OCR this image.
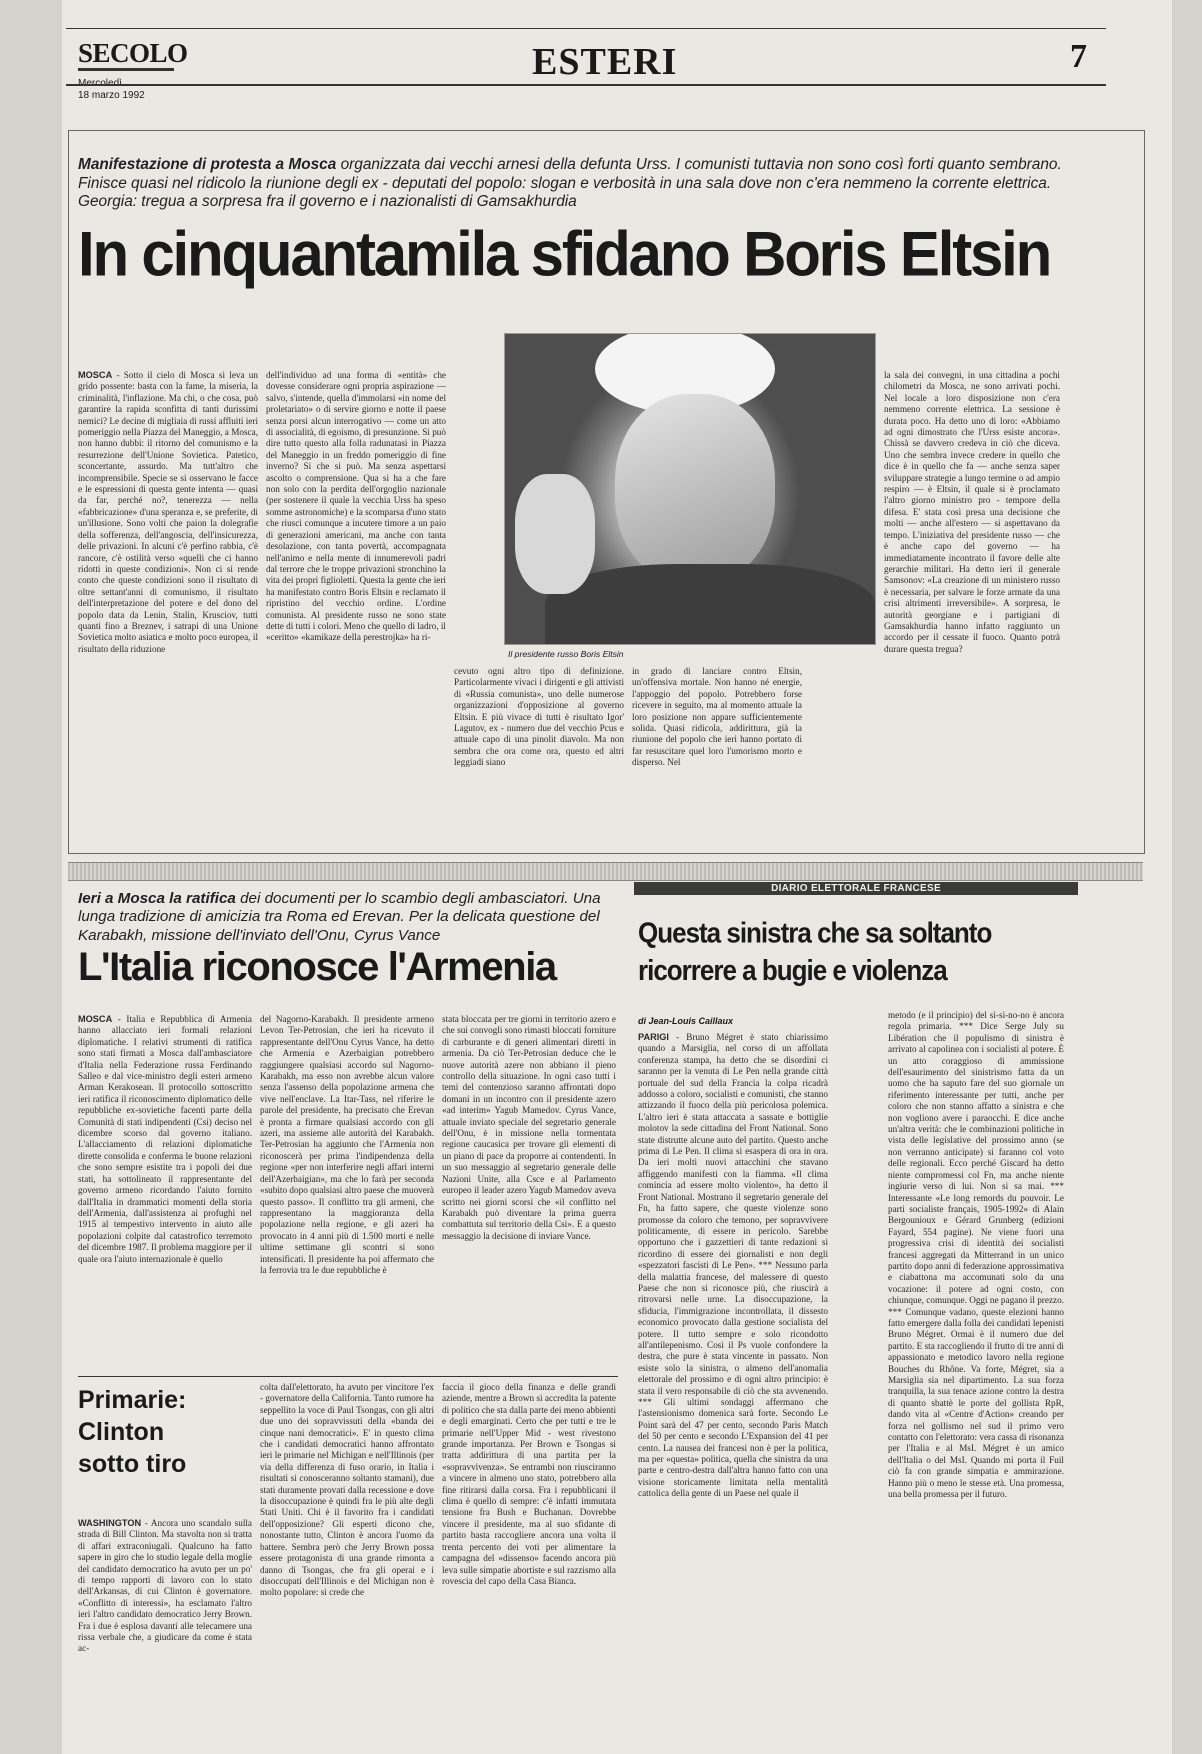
SECOLO
18 marzo 1992
ESTERI	7
Manifestazione di protesta a Mosca organizzata dai vecchi arnesi della defunta Urss. I comunisti tuttavia non sono così forti quanto sembrano. Finisce quasi nel ridicolo la riunione degli ex - deputati del popolo: slogan e verbosità in una sala dove non c'era nemmeno la corrente elettrica. Georgia: tregua a sorpresa fra il governo e i nazionalisti di Gamsakhurdia
In cinquantamila sfidano Boris Eltsin
Il presidente russo Boris Eltsin

MOSCA - Sotto il cielo di Mosca si leva un grido possente: basta con la fame, la miseria, la criminalità, l'inflazione. Ma chi, o che cosa, può garantire la rapida sconfitta di tanti durissimi nemici? Le decine di migliaia di russi affluiti ieri pomeriggio nella Piazza del Maneggio, a Mosca, non hanno dubbi: il ritorno del comunismo e la resurrezione dell'Unione Sovietica. Patetico, sconcertante, assurdo. Ma tutt'altro che incomprensibile. Specie se si osservano le facce e le espressioni di questa gente intenta — quasi da far, perché no?, tenerezza — nella «fabbricazione» d'una speranza e, se preferite, di un'illusione. Sono volti che paion la dolegrafie della sofferenza, dell'angoscia, dell'insicurezza, delle privazioni. In alcuni c'è perfino rabbia, c'è rancore, c'è ostilità verso «quelli che ci hanno ridotti in queste condizioni». Non ci si rende conto che queste condizioni sono il risultato di oltre settant'anni di comunismo, il risultato dell'interpretazione del potere e del dono del popolo data da Lenin, Stalin, Krusciov, tutti quanti fino a Breznev, i satrapi di una Unione Sovietica molto asiatica e molto poco europea, il risultato della riduzione

dell'individuo ad una forma di «entità» che dovesse considerare ogni propria aspirazione — salvo, s'intende, quella d'immolarsi «in nome del proletariato» o di servire giorno e notte il paese senza porsi alcun interrogativo — come un atto di associalità, di egoismo, di presunzione. Si può dire tutto questo alla folla radunatasi in Piazza del Maneggio in un freddo pomeriggio di fine inverno? Si che si può. Ma senza aspettarsi ascolto o comprensione. Qua si ha a che fare non solo con la perdita dell'orgoglio nazionale (per sostenere il quale la vecchia Urss ha speso somme astronomiche) e la scomparsa d'uno stato che riuscì comunque a incutere timore a un paio di generazioni americani, ma anche con tanta desolazione, con tanta povertà, accompagnata nell'animo e nella mente di innumerevoli padri dal terrore che le troppe privazioni stronchino la vita dei propri figlioletti. Questa la gente che ieri ha manifestato contro Boris Eltsin e reclamato il ripristino del vecchio ordine. L'ordine comunista. Al presidente russo ne sono state dette di tutti i colori. Meno che quello di ladro, il «ceritto» «kamikaze della perestrojka» ha ri-

cevuto ogni altro tipo di definizione. Particolarmente vivaci i dirigenti e gli attivisti di «Russia comunista», uno delle numerose organizzazioni d'opposizione al governo Eltsin. E più vivace di tutti è risultato Igor' Lagutov, ex - numero due del vecchio Pcus e attuale capo di una pinolit diavolo. Ma non sembra che ora come ora, questo ed altri leggiadi siano

in grado di lanciare contro Eltsin, un'offensiva mortale. Non hanno né energie, l'appoggio del popolo. Potrebbero forse ricevere in seguito, ma al momento attuale la loro posizione non appare sufficientemente solida. Quasi ridicola, addirittura, già la riunione del popolo che ieri hanno portato di far resuscitare quel loro l'umorismo morto e disperso. Nel

la sala dei convegni, in una cittadina a pochi chilometri da Mosca, ne sono arrivati pochi. Nel locale a loro disposizione non c'era nemmeno corrente elettrica. La sessione è durata poco. Ha detto uno di loro: «Abbiamo ad ogni dimostrato che l'Urss esiste ancora». Chissà se davvero credeva in ciò che diceva. Uno che sembra invece credere in quello che dice è in quello che fa — anche senza saper sviluppare strategie a lungo termine o ad ampio respiro — è Eltsin, il quale si è proclamato l'altro giorno ministro pro - tempore della difesa. E' stata così presa una decisione che molti — anche all'estero — si aspettavano da tempo. L'iniziativa del presidente russo — che è anche capo del governo — ha immediatamente incontrato il favore delle alte gerarchie militari. Ha detto ieri il generale Samsonov: «La creazione di un ministero russo è necessaria, per salvare le forze armate da una crisi altrimenti irreversibile». A sorpresa, le autorità georgiane e i partigiani di Gamsakhurdia hanno infatto raggiunto un accordo per il cessate il fuoco. Quanto potrà durare questa tregua?

Ieri a Mosca la ratifica dei documenti per lo scambio degli ambasciatori. Una lunga tradizione di amicizia tra Roma ed Erevan. Per la delicata questione del Karabakh, missione dell'inviato dell'Onu, Cyrus Vance
L'Italia riconosce l'Armenia

MOSCA - Italia e Repubblica di Armenia hanno allacciato ieri formali relazioni diplomatiche. I relativi strumenti di ratifica sono stati firmati a Mosca dall'ambasciatore d'Italia nella Federazione russa Ferdinando Salleo e dal vice-ministro degli esteri armeno Arman Kerakosean. Il protocollo sottoscritto ieri ratifica il riconoscimento diplomatico delle repubbliche ex-sovietiche facenti parte della Comunità di stati indipendenti (Csi) deciso nel dicembre scorso dal governo italiano. L'allacciamento di relazioni diplomatiche dirette consolida e conferma le buone relazioni che sono sempre esistite tra i popoli dei due stati, ha sottolineato il rappresentante del governo armeno ricordando l'aiuto fornito dall'Italia in drammatici momenti della storia dell'Armenia, dall'assistenza ai profughi nel 1915 al tempestivo intervento in aiuto alle popolazioni colpite dal catastrofico terremoto del dicembre 1987. Il problema maggiore per il quale ora l'aiuto internazionale è quello

del Nagorno-Karabakh. Il presidente armeno Levon Ter-Petrosian, che ieri ha ricevuto il rappresentante dell'Onu Cyrus Vance, ha detto che Armenia e Azerbaigian potrebbero raggiungere qualsiasi accordo sul Nagorno-Karabakh, ma esso non avrebbe alcun valore senza l'assenso della popolazione armena che vive nell'enclave. La Itar-Tass, nel riferire le parole del presidente, ha precisato che Erevan è pronta a firmare qualsiasi accordo con gli azeri, ma assieme alle autorità del Karabakh. Ter-Petrosian ha aggiunto che l'Armenia non riconoscerà per prima l'indipendenza della regione «per non interferire negli affari interni dell'Azerbaigian», ma che lo farà per seconda «subito dopo qualsiasi altro paese che muoverà questo passo». Il conflitto tra gli armeni, che rappresentano la maggioranza della popolazione nella regione, e gli azeri ha provocato in 4 anni più di 1.500 morti e nelle ultime settimane gli scontri si sono intensificati. Il presidente ha poi affermato che la ferrovia tra le due repubbliche è

stata bloccata per tre giorni in territorio azero e che sui convogli sono rimasti bloccati forniture di carburante e di generi alimentari diretti in armenia. Da ciò Ter-Petrosian deduce che le nuove autorità azere non abbiano il pieno controllo della situazione. In ogni caso tutti i temi del contenzioso saranno affrontati dopo domani in un incontro con il presidente azero «ad interim» Yagub Mamedov. Cyrus Vance, attuale inviato speciale del segretario generale dell'Onu, è in missione nella tormentata regione caucasica per trovare gli elementi di un piano di pace da proporre ai contendenti. In un suo messaggio al segretario generale delle Nazioni Unite, alla Csce e al Parlamento europeo il leader azero Yagub Mamedov aveva scritto nei giorni scorsi che «il conflitto nel Karabakh può diventare la prima guerra combattuta sul territorio della Csi». E a questo messaggio la decisione di inviare Vance.

Primarie:
Clinton
sotto tiro

WASHINGTON - Ancora uno scandalo sulla strada di Bill Clinton. Ma stavolta non si tratta di affari extraconiugali. Qualcuno ha fatto sapere in giro che lo studio legale della moglie del candidato democratico ha avuto per un po' di tempo rapporti di lavoro con lo stato dell'Arkansas, di cui Clinton è governatore. «Conflitto di interessi», ha esclamato l'altro ieri l'altro candidato democratico Jerry Brown. Fra i due è esplosa davanti alle telecamere una rissa verbale che, a giudicare da come è stata ac-

colta dall'elettorato, ha avuto per vincitore l'ex - governatore della California. Tanto rumore ha seppellito la voce di Paul Tsongas, con gli altri due uno dei sopravvissuti della «banda dei cinque nani democratici». E' in questo clima che i candidati democratici hanno affrontato ieri le primarie nel Michigan e nell'Illinois (per via della differenza di fuso orario, in Italia i risultati si conosceranno soltanto stamani), due stati duramente provati dalla recessione e dove la disoccupazione è quindi fra le più alte degli Stati Uniti. Chi è il favorito fra i candidati dell'opposizione? Gli esperti dicono che, nonostante tutto, Clinton è ancora l'uomo da battere. Sembra però che Jerry Brown possa essere protagonista di una grande rimonta a danno di Tsongas, che fra gli operai e i disoccupati dell'Illinois e del Michigan non è molto popolare: si crede che

faccia il gioco della finanza e delle grandi aziende, mentre a Brown si accredita la patente di politico che sta dalla parte dei meno abbienti e degli emarginati. Certo che per tutti e tre le primarie nell'Upper Mid - west rivestono grande importanza. Per Brown e Tsongas si tratta addirittura di una partita per la «sopravvivenza». Se entrambi non riusciranno a vincere in almeno uno stato, potrebbero alla fine ritirarsi dalla corsa. Fra i repubblicani il clima è quello di sempre: c'è infatti immutata tensione fra Bush e Buchanan. Dovrebbe vincere il presidente, ma al suo sfidante di partito basta raccogliere ancora una volta il trenta percento dei voti per alimentare la campagna del «dissenso» facendo ancora più leva sulle simpatie abortiste e sul razzismo alla rovescia del capo della Casa Bianca.

DIARIO ELETTORALE FRANCESE
Questa sinistra che sa soltanto
ricorrere a bugie e violenza
di Jean-Louis Caillaux

PARIGI - Bruno Mégret è stato chiarissimo quando a Marsiglia, nel corso di un affollata conferenza stampa, ha detto che se disordini ci saranno per la venuta di Le Pen nella grande città portuale del sud della Francia la colpa ricadrà addosso a coloro, socialisti e comunisti, che stanno attizzando il fuoco della più pericolosa polemica. L'altro ieri è stata attaccata a sassate e bottiglie molotov la sede cittadina del Front National. Sono state distrutte alcune auto del partito. Questo anche prima di Le Pen. Il clima si esaspera di ora in ora. Da ieri molti nuovi attacchini che stavano affiggendo manifesti con la fiamma. «Il clima comincia ad essere molto violento», ha detto il Front National. Mostrano il segretario generale del Fn, ha fatto sapere, che queste violenze sono promosse da coloro che temono, per sopravvivere politicamente, di essere in pericolo. Sarebbe opportuno che i gazzettieri di tante redazioni si ricordino di essere dei giornalisti e non degli «spezzatori fascisti di Le Pen». *** Nessuno parla della malattia francese, del malessere di questo Paese che non si riconosce più, che riuscirà a ritrovarsi nelle urne. La disoccupazione, la sfiducia, l'immigrazione incontrollata, il dissesto economico provocato dalla gestione socialista del potere. Il tutto sempre e solo ricondotto all'antilepenismo. Così il Ps vuole confondere la destra, che pure è stata vincente in passato. Non esiste solo la sinistra, o almeno dell'anomalia elettorale del prossimo e di ogni altro principio: è stata il vero responsabile di ciò che sta avvenendo. *** Gli ultimi sondaggi affermano che l'astensionismo domenica sarà forte. Secondo Le Point sarà del 47 per cento, secondo Paris Match del 50 per cento e secondo L'Expansion del 41 per cento. La nausea dei francesi non è per la politica, ma per «questa» politica, quella che sinistra da una parte e centro-destra dall'altra hanno fatto con una visione storicamente limitata nella mentalità cattolica della gente di un Paese nel quale il

metodo (e il principio) del sì-sì-no-no è ancora regola primaria. *** Dice Serge July su Libération che il populismo di sinistra è arrivato al capolinea con i socialisti al potere. È un atto coraggioso di ammissione dell'esaurimento del sinistrismo fatta da un uomo che ha saputo fare del suo giornale un riferimento interessante per tutti, anche per coloro che non stanno affatto a sinistra e che non vogliono avere i paraocchi. E dice anche un'altra verità: che le combinazioni politiche in vista delle legislative del prossimo anno (se non verranno anticipate) si faranno col voto delle regionali. Ecco perché Giscard ha detto niente compromessi col Fn, ma anche niente ingiurie verso di lui. Non si sa mai. *** Interessante «Le long remords du pouvoir. Le parti socialiste français, 1905-1992» di Alain Bergounioux e Gérard Grunberg (edizioni Fayard, 554 pagine). Ne viene fuori una progressiva crisi di identità dei socialisti francesi aggregati da Mitterrand in un unico partito dopo anni di federazione approssimativa e ciabattona ma accomunati solo da una vocazione: il potere ad ogni costo, con chiunque, comunque. Oggi ne pagano il prezzo. *** Comunque vadano, queste elezioni hanno fatto emergere dalla folla dei candidati lepenisti Bruno Mégret. Ormai è il numero due del partito. E sta raccogliendo il frutto di tre anni di appassionato e metodico lavoro nella regione Bouches du Rhône. Va forte, Mégret, sia a Marsiglia sia nel dipartimento. La sua forza tranquilla, la sua tenace azione contro la destra di quanto sbattè le porte del gollista RpR, dando vita al «Centre d'Action» creando per forza nel gollismo nel sud il primo vero contatto con l'elettorato: vera cassa di risonanza per l'Italia e al MsI. Mégret è un amico dell'Italia o del MsI. Quando mi porta il Fuil ciò fa con grande simpatia e ammirazione. Hanno più o meno le stesse età. Una promessa, una bella promessa per il futuro.
